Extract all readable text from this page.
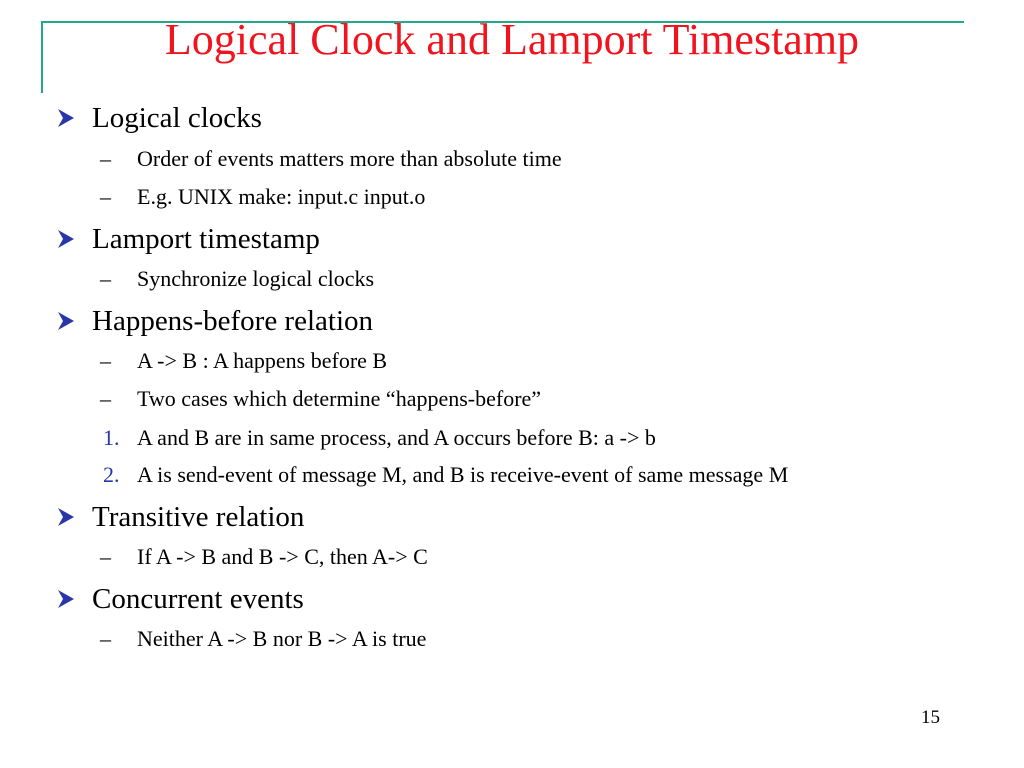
Logical Clock and Lamport Timestamp
Logical clocks
– Order of events matters more than absolute time
– E.g. UNIX make: input.c input.o
Lamport timestamp
– Synchronize logical clocks
Happens-before relation
– A -> B : A happens before B
– Two cases which determine “happens-before”
1. A and B are in same process, and A occurs before B: a -> b
2. A is send-event of message M, and B is receive-event of same message M
Transitive relation
– If A -> B and B -> C, then A-> C
Concurrent events
– Neither A -> B nor B -> A is true
15
